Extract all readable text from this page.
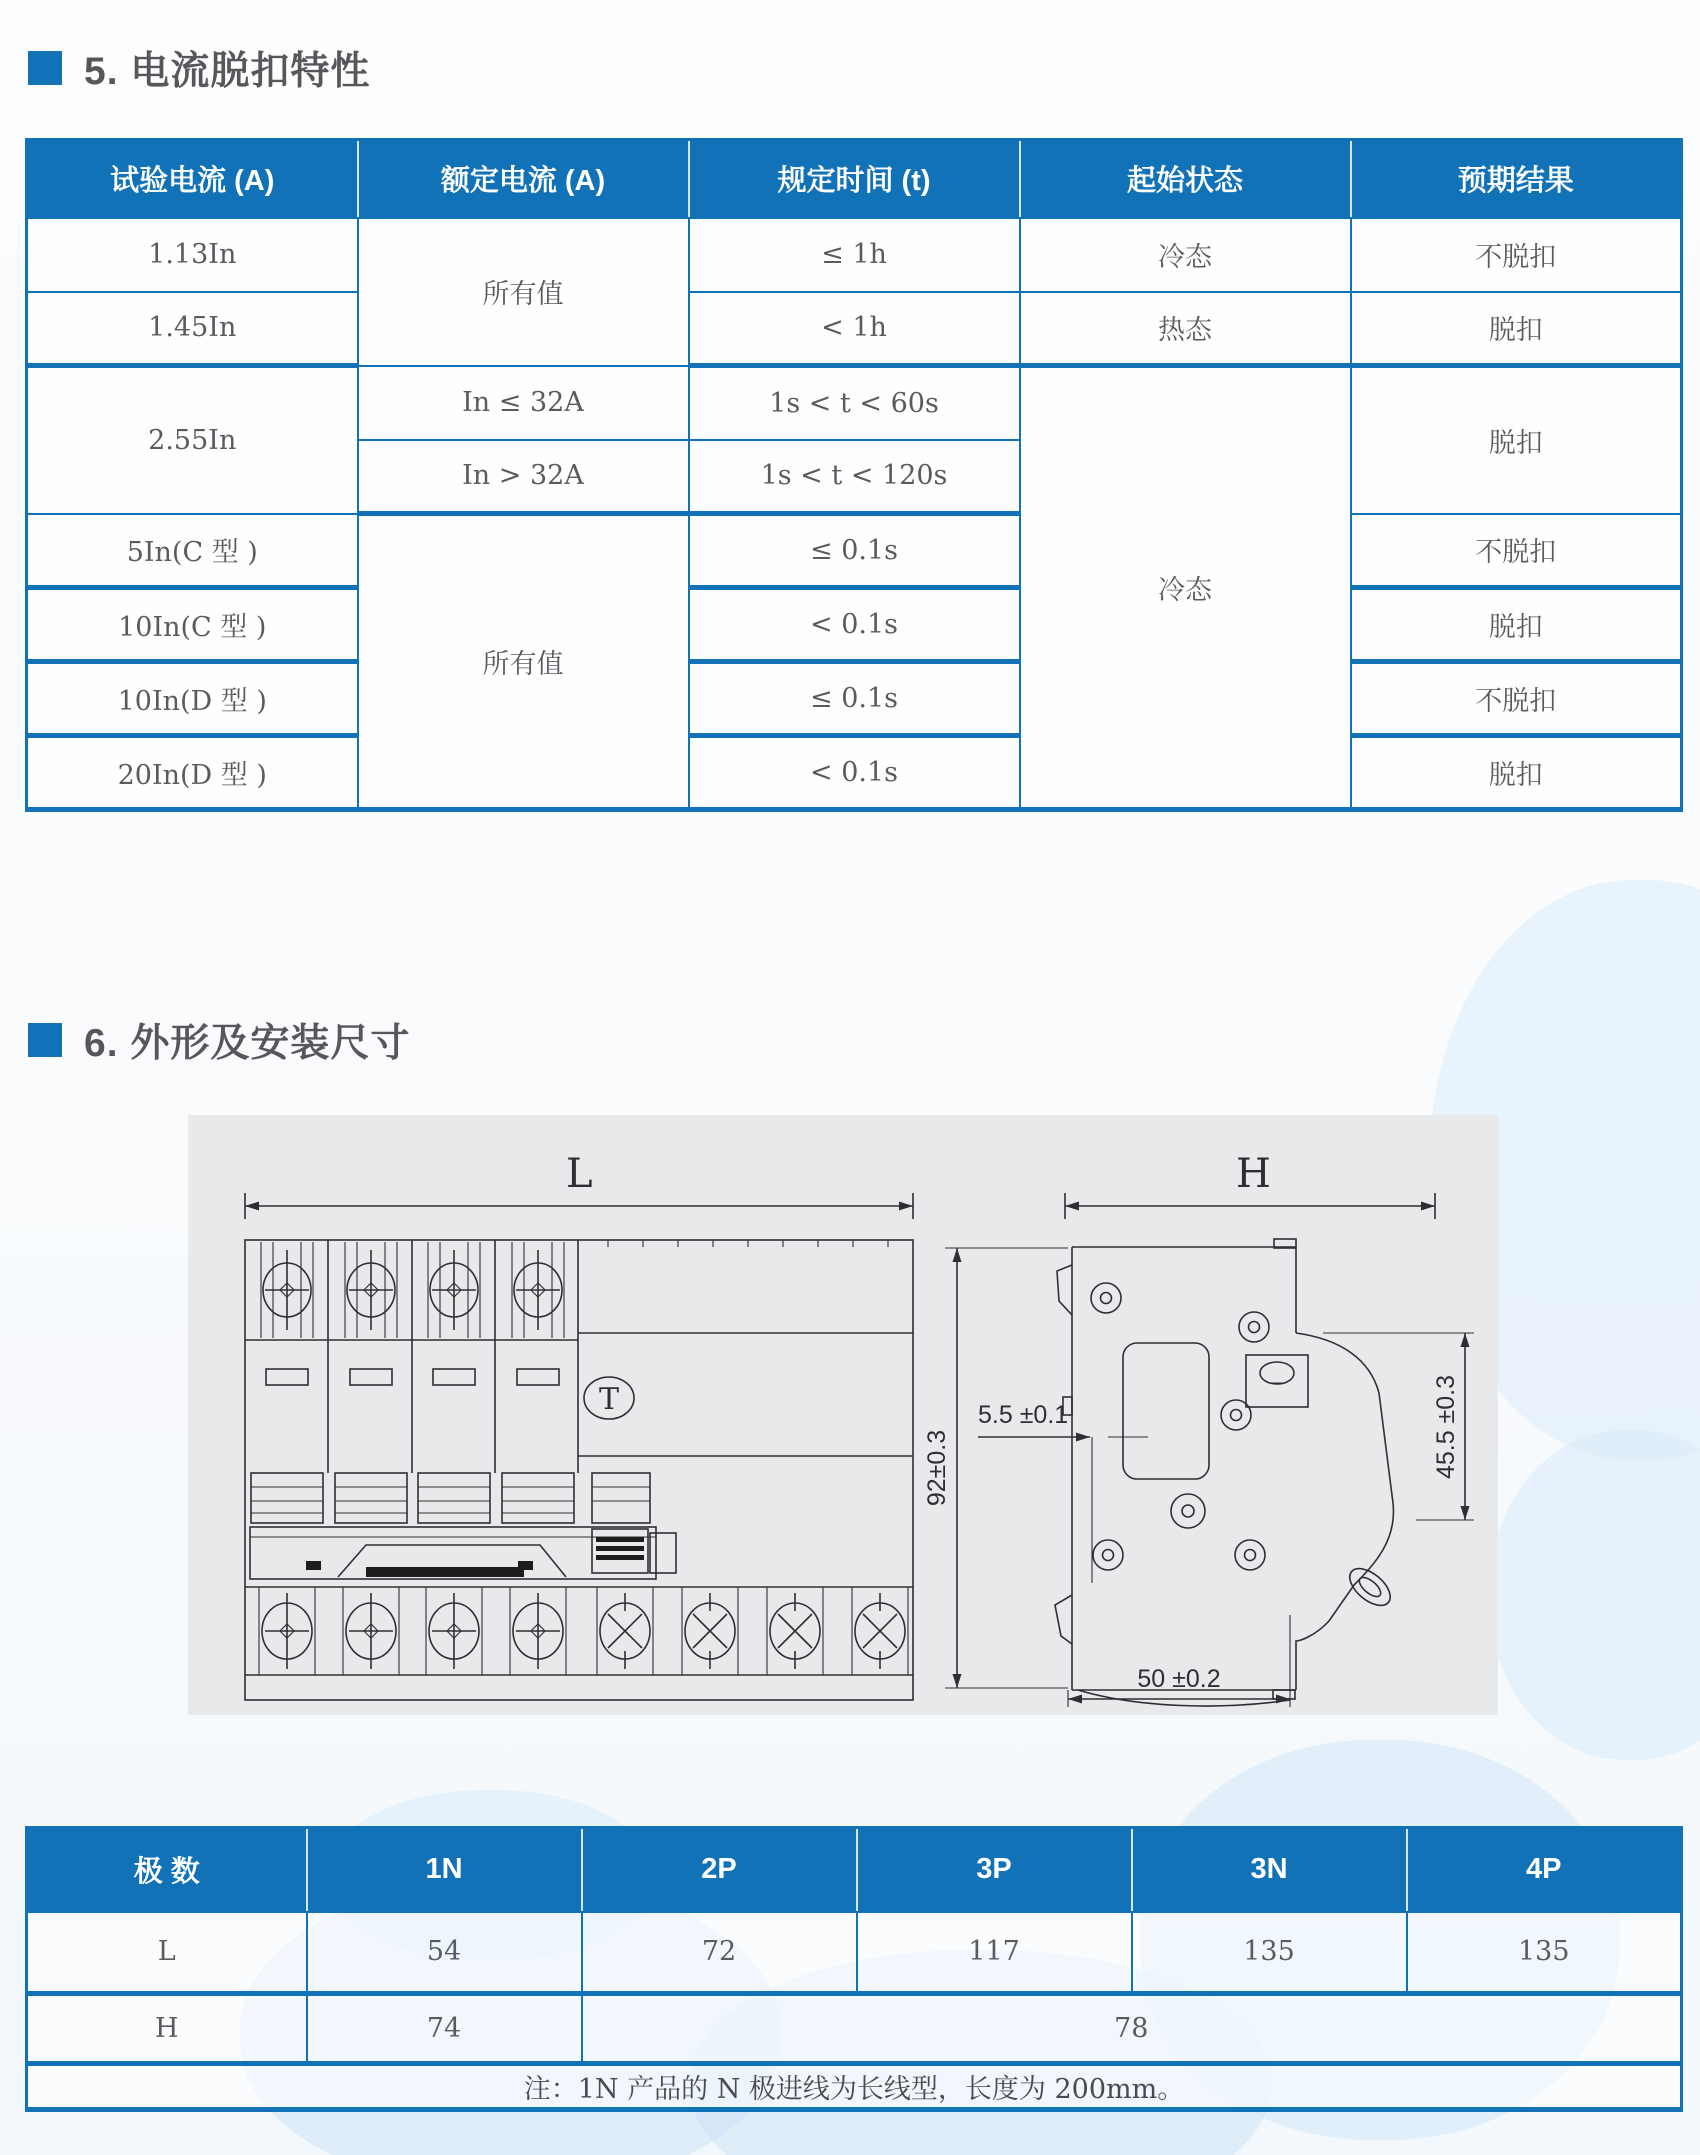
5. 电流脱扣特性
试验电流 (A)	额定电流 (A)	规定时间 (t)	起始状态	预期结果
1.13In	所有值	≤ 1h	冷态	不脱扣
1.45In		< 1h	热态	脱扣
2.55In	In ≤ 32A	1s < t < 60s	冷态	脱扣
	In > 32A	1s < t < 120s		
5In(C 型 )	所有值	≤ 0.1s		不脱扣
10In(C 型 )		< 0.1s		脱扣
10In(D 型 )		≤ 0.1s		不脱扣
20In(D 型 )		< 0.1s		脱扣
6. 外形及安装尺寸
L
T
H
92±0.3
5.5 ±0.1	45.5 ±0.3
50 ±0.2
极 数	1N	2P	3P	3N	4P
L	54	72	117	135	135
H	74	78			
注：1N 产品的 N 极进线为长线型，长度为 200mm。					
